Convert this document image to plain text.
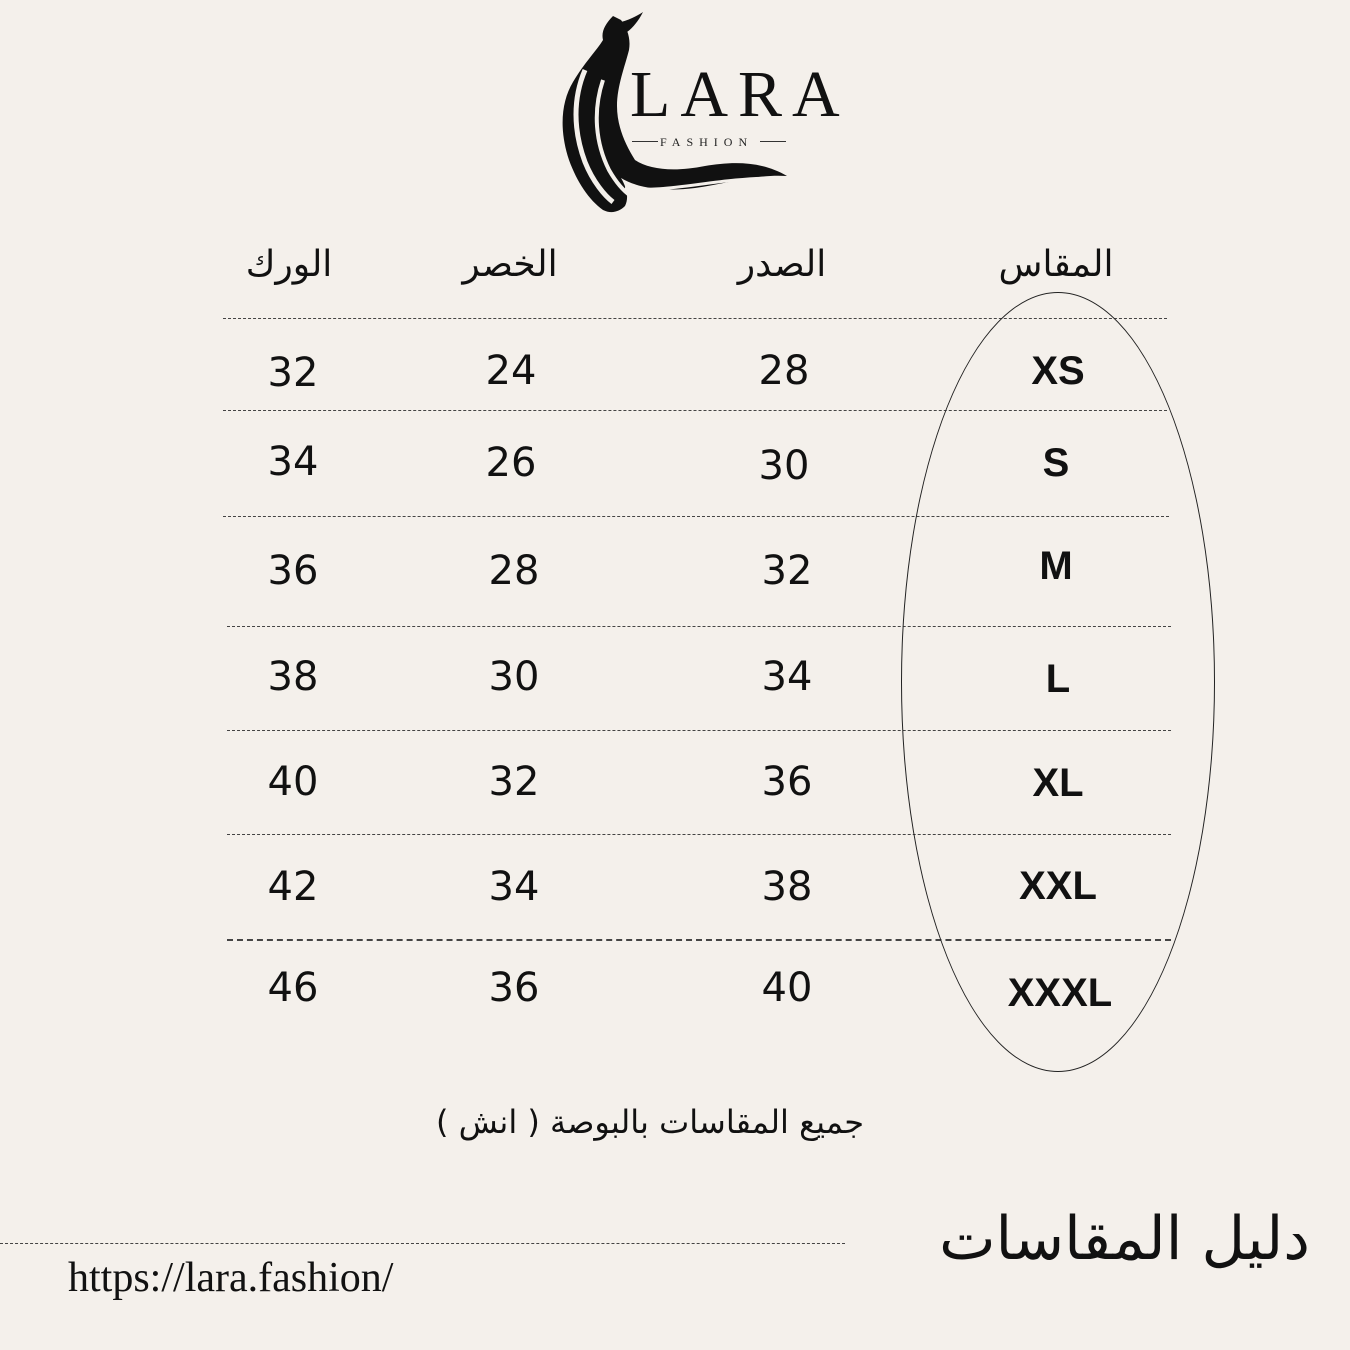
LARA
FASHION
المقاس
الصدر
الخصر
الورك
XS
28
24
32
S
30
26
34
M
32
28
36
L
34
30
38
XL
36
32
40
XXL
38
34
42
XXXL
40
36
46
جميع المقاسات بالبوصة ( انش )
دليل المقاسات
https://lara.fashion/
